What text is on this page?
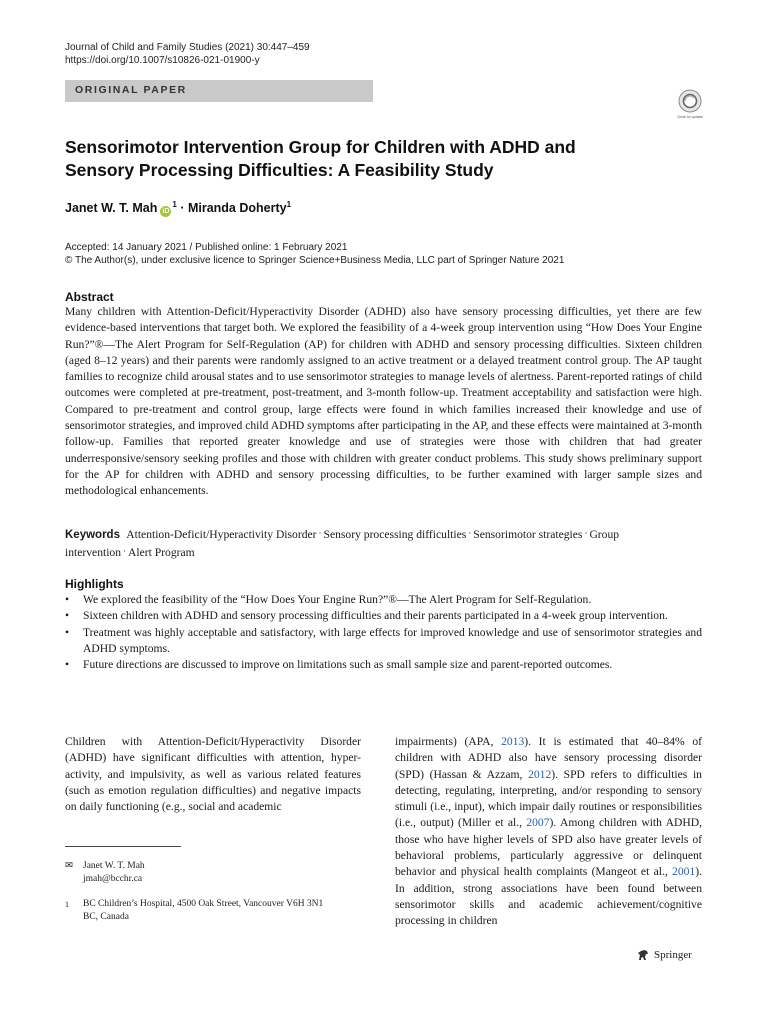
Journal of Child and Family Studies (2021) 30:447–459
https://doi.org/10.1007/s10826-021-01900-y
ORIGINAL PAPER
Check for updates
Sensorimotor Intervention Group for Children with ADHD and
Sensory Processing Difficulties: A Feasibility Study
Janet W. T. Mah $iD^1$ · Miranda Doherty$^1$
Accepted: 14 January 2021 / Published online: 1 February 2021
© The Author(s), under exclusive licence to Springer Science+Business Media, LLC part of Springer Nature 2021
Abstract
Many children with Attention-Deficit/Hyperactivity Disorder (ADHD) also have sensory processing difficulties, yet there are few evidence-based interventions that target both. We explored the feasibility of a 4-week group intervention using “How Does Your Engine Run?”®—The Alert Program for Self-Regulation (AP) for children with ADHD and sensory processing difficulties. Sixteen children (aged 8–12 years) and their parents were randomly assigned to an active treatment or a delayed treatment control group. The AP taught families to recognize child arousal states and to use sensorimotor strategies to manage levels of alertness. Parent-reported ratings of child outcomes were completed at pre-treatment, post-treatment, and 3-month follow-up. Treatment acceptability and satisfaction were high. Compared to pre-treatment and control group, large effects were found in which families increased their knowledge and use of sensorimotor strategies, and improved child ADHD symptoms after participating in the AP, and these effects were maintained at 3-month follow-up. Families that reported greater knowledge and use of strategies were those with children that had greater underresponsive/sensory seeking profiles and those with children with greater conduct problems. This study shows preliminary support for the AP for children with ADHD and sensory processing difficulties, to be further examined with larger sample sizes and methodological enhancements.
Keywords Attention-Deficit/Hyperactivity Disorder · Sensory processing difficulties · Sensorimotor strategies · Group intervention · Alert Program
Highlights
• We explored the feasibility of the “How Does Your Engine Run?”®—The Alert Program for Self-Regulation.
• Sixteen children with ADHD and sensory processing difficulties and their parents participated in a 4-week group intervention.
• Treatment was highly acceptable and satisfactory, with large effects for improved knowledge and use of sensorimotor strategies and ADHD symptoms.
• Future directions are discussed to improve on limitations such as small sample size and parent-reported outcomes.
Children with Attention-Deficit/Hyperactivity Disorder (ADHD) have significant difficulties with attention, hyper-activity, and impulsivity, as well as various related features (such as emotion regulation difficulties) and negative impacts on daily functioning (e.g., social and academic
impairments) (APA, 2013). It is estimated that 40–84% of children with ADHD also have sensory processing disorder (SPD) (Hassan & Azzam, 2012). SPD refers to difficulties in detecting, regulating, interpreting, and/or responding to sensory stimuli (i.e., input), which impair daily routines or responsibilities (i.e., output) (Miller et al., 2007). Among children with ADHD, those who have higher levels of SPD also have greater levels of behavioral problems, particularly aggressive or delinquent behavior and physical health complaints (Mangeot et al., 2001). In addition, strong associations have been found between sensorimotor skills and academic achievement/cognitive processing in children
✉ Janet W. T. Mah
jmah@bcchr.ca
1 BC Children’s Hospital, 4500 Oak Street, Vancouver V6H 3N1
BC, Canada
Springer
